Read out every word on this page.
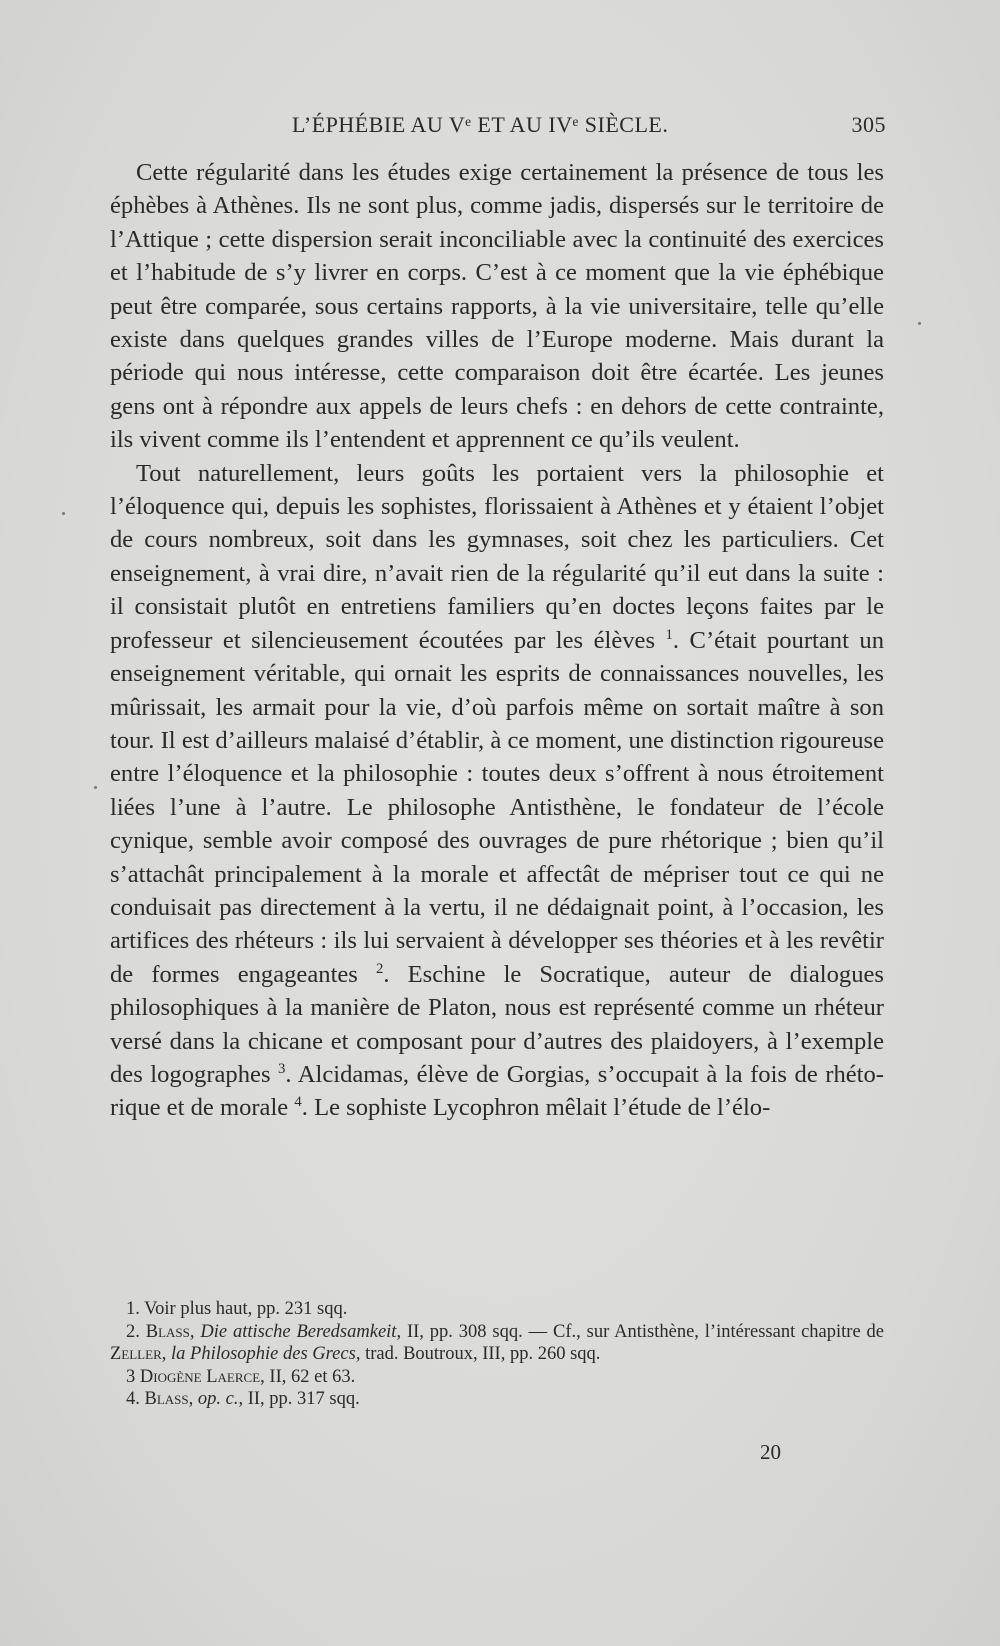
L’ÉPHÉBIE AU Vᵉ ET AU IVᵉ SIÈCLE.	305

Cette régularité dans les études exige certainement la présence de tous les éphèbes à Athènes. Ils ne sont plus, comme jadis, dispersés sur le territoire de l’Attique ; cette dispersion serait inconciliable avec la continuité des exercices et l’habitude de s’y livrer en corps. C’est à ce moment que la vie éphébique peut être comparée, sous certains rapports, à la vie universitaire, telle qu’elle existe dans quelques grandes villes de l’Europe moderne. Mais durant la période qui nous intéresse, cette comparaison doit être écartée. Les jeunes gens ont à répondre aux appels de leurs chefs : en dehors de cette contrainte, ils vivent comme ils l’entendent et apprennent ce qu’ils veulent.

Tout naturellement, leurs goûts les portaient vers la philosophie et l’éloquence qui, depuis les sophistes, florissaient à Athènes et y étaient l’objet de cours nombreux, soit dans les gymnases, soit chez les particuliers. Cet enseignement, à vrai dire, n’avait rien de la régularité qu’il eut dans la suite : il consistait plutôt en entretiens familiers qu’en doctes leçons faites par le professeur et silencieusement écoutées par les élèves $^1$. C’était pourtant un enseignement véritable, qui ornait les esprits de connaissances nouvelles, les mûrissait, les armait pour la vie, d’où parfois même on sortait maître à son tour. Il est d’ailleurs malaisé d’établir, à ce moment, une distinction rigoureuse entre l’éloquence et la philosophie : toutes deux s’offrent à nous étroitement liées l’une à l’autre. Le philosophe Antisthène, le fondateur de l’école cynique, semble avoir composé des ouvrages de pure rhétorique ; bien qu’il s’attachât principalement à la morale et affectât de mépriser tout ce qui ne conduisait pas directement à la vertu, il ne dédaignait point, à l’occasion, les artifices des rhéteurs : ils lui servaient à développer ses théories et à les revêtir de formes engageantes $^2$. Eschine le Socratique, auteur de dialogues philosophiques à la manière de Platon, nous est représenté comme un rhéteur versé dans la chicane et composant pour d’autres des plaidoyers, à l’exemple des logographes $^3$. Alcidamas, élève de Gorgias, s’occupait à la fois de rhétorique et de morale $^4$. Le sophiste Lycophron mêlait l’étude de l’élo-

1. Voir plus haut, pp. 231 sqq.

2. Blass, Die attische Beredsamkeit, II, pp. 308 sqq. — Cf., sur Antisthène, l’intéressant chapitre de Zeller, la Philosophie des Grecs, trad. Boutroux, III, pp. 260 sqq.

3 Diogène Laerce, II, 62 et 63.

4. Blass, op. c., II, pp. 317 sqq.

20
